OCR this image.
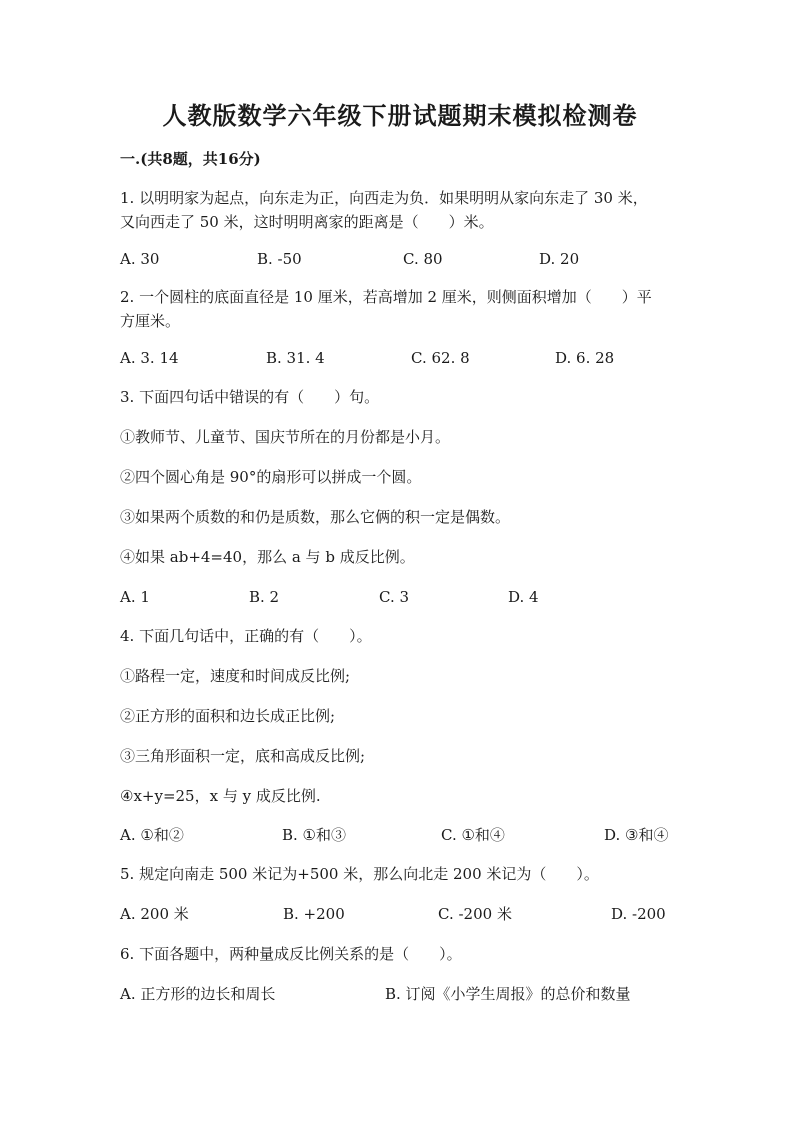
人教版数学六年级下册试题期末模拟检测卷

一.(共8题，共16分)

1. 以明明家为起点，向东走为正，向西走为负．如果明明从家向东走了 30 米，

又向西走了 50 米，这时明明离家的距离是（　　）米。

A. 30	B. -50	C. 80	D. 20

2. 一个圆柱的底面直径是 10 厘米，若高增加 2 厘米，则侧面积增加（　　）平

方厘米。

A. 3. 14	B. 31. 4	C. 62. 8	D. 6. 28

3. 下面四句话中错误的有（　　）句。

①教师节、儿童节、国庆节所在的月份都是小月。

②四个圆心角是 90°的扇形可以拼成一个圆。

③如果两个质数的和仍是质数，那么它俩的积一定是偶数。

④如果 ab+4=40，那么 a 与 b 成反比例。

A. 1	B. 2	C. 3	D. 4

4. 下面几句话中，正确的有（　　）。

①路程一定，速度和时间成反比例;

②正方形的面积和边长成正比例;

③三角形面积一定，底和高成反比例;

④x+y=25，x 与 y 成反比例.

A. ①和②	B. ①和③	C. ①和④	D. ③和④

5. 规定向南走 500 米记为+500 米，那么向北走 200 米记为（　　）。

A. 200 米	B. +200	C. -200 米	D. -200

6. 下面各题中，两种量成反比例关系的是（　　）。

A. 正方形的边长和周长	B. 订阅《小学生周报》的总价和数量
